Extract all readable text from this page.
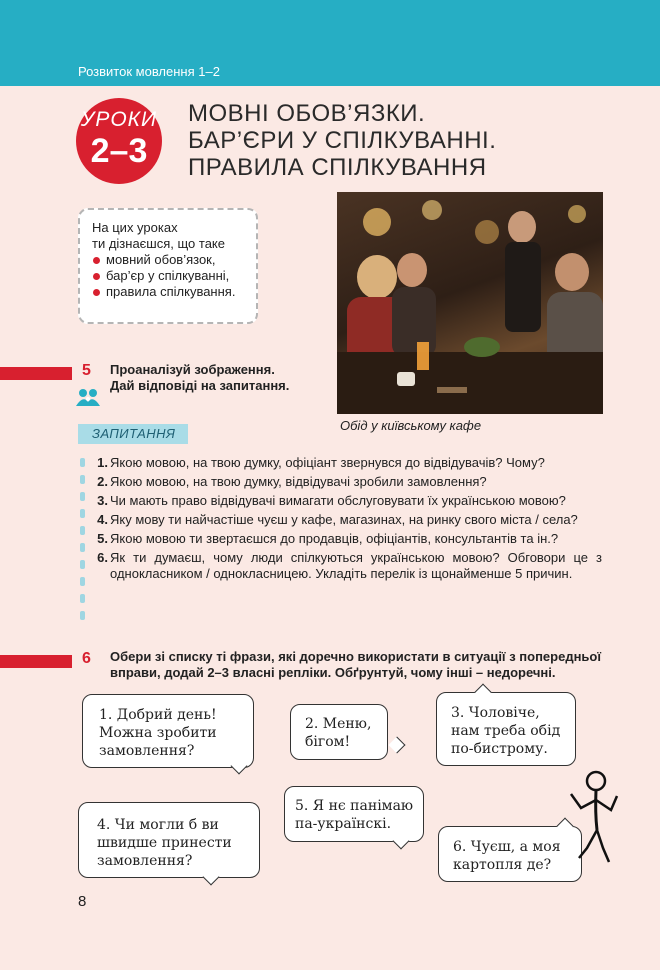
Розвиток мовлення 1–2
УРОКИ
2–3
МОВНІ ОБОВ’ЯЗКИ.
БАР’ЄРИ У СПІЛКУВАННІ.
ПРАВИЛА СПІЛКУВАННЯ
На цих уроках
ти дізнаєшся, що таке
мовний обов’язок,
бар’єр у спілкуванні,
правила спілкування.
Обід у київському кафе
5 Проаналізуй зображення.
Дай відповіді на запитання.
ЗАПИТАННЯ
1. Якою мовою, на твою думку, офіціант звернувся до відвідувачів? Чому?
2. Якою мовою, на твою думку, відвідувачі зробили замовлення?
3. Чи мають право відвідувачі вимагати обслуговувати їх українською мовою?
4. Яку мову ти найчастіше чуєш у кафе, магазинах, на ринку свого міста / села?
5. Якою мовою ти звертаєшся до продавців, офіціантів, консультантів та ін.?
6. Як ти думаєш, чому люди спілкуються українською мовою? Обговори це з однокласником / однокласницею. Укладіть перелік із щонайменше 5 причин.
6 Обери зі списку ті фрази, які доречно використати в ситуації з попередньої
вправи, додай 2–3 власні репліки. Обґрунтуй, чому інші – недоречні.
1. Добрий день!
Можна зробити
замовлення?
2. Меню,
бігом!
3. Чоловіче,
нам треба обід
по-бистрому.
4. Чи могли б ви
швидше принести
замовлення?
5. Я нє панімаю
па-українскі.
6. Чуєш, а моя
картопля де?
8
